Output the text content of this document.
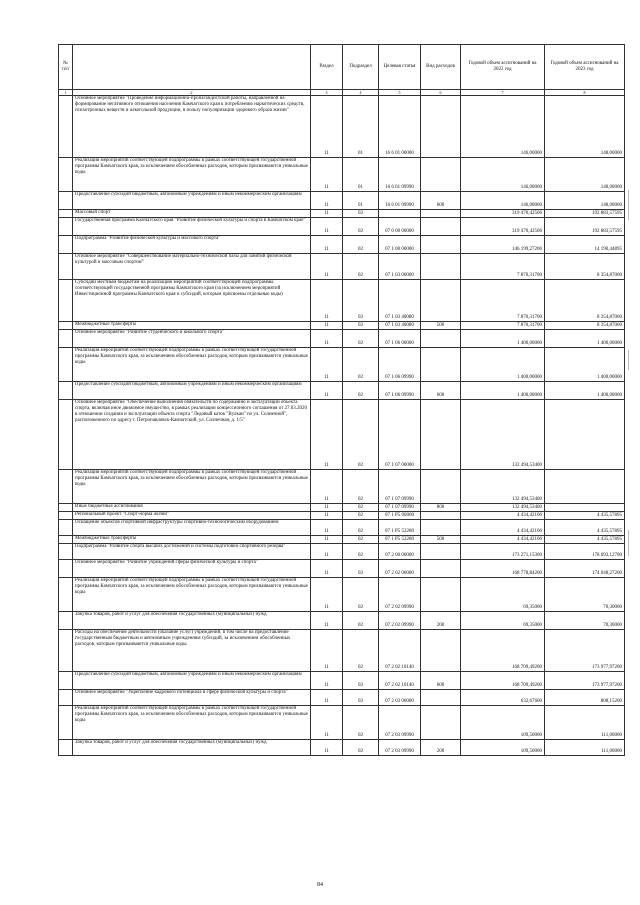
№ п/п		Раздел	Подраздел	Целевая статья	Вид расходов	Годовой объем ассигнований на 2022 год	Годовой объем ассигнований на 2023 год
1	2	3	4	5	6	7	8
	Основное мероприятие "Проведение информационно-пропагандистской работы, направленной на формирование негативного отношения населения Камчатского края к потреблению наркотических средств, психотропных веществ и алкогольной продукции, в пользу популяризации здорового образа жизни"	11	01	16 6 01 00000		146,00000	148,00000
	Реализация мероприятий соответствующей подпрограммы в рамках соответствующей государственной программы Камчатского края, за исключением обособленных расходов, которым присваиваются уникальные коды	11	01	16 6 01 09990		146,00000	148,00000
	Предоставление субсидий бюджетным, автономным учреждениям и иным некоммерческим организациям	11	01	16 6 01 09990	600	146,00000	148,00000
	Массовый спорт	11	02			319 470,42506	192 883,57595
	Государственная программа Камчатского края "Развитие физической культуры и спорта в Камчатском крае"	11	02	07 0 00 00000		319 470,42506	192 883,57595
	Подпрограмма "Развитие физической культуры и массового спорта"	11	02	07 1 00 00000		146 199,27206	14 190,44895
	Основное мероприятие "Совершенствование материально-технической базы для занятий физической культурой и массовым спортом"	11	02	07 1 03 00000		7 870,31700	8 354,87000
	Субсидии местным бюджетам на реализацию мероприятий соответствующей подпрограммы соответствующей государственной программы Камчатского края (за исключением мероприятий Инвестиционной программы Камчатского края и субсидий, которым присвоены отдельные коды)	11	02	07 1 03 40080		7 870,31700	8 354,87000
	Межбюджетные трансферты	11	02	07 1 03 40080	500	7 870,31700	8 354,87000
	Основное мероприятие "Развитие студенческого и школьного спорта"	11	02	07 1 06 00000		1 400,00000	1 400,00000
	Реализация мероприятий соответствующей подпрограммы в рамках соответствующей государственной программы Камчатского края, за исключением обособленных расходов, которым присваиваются уникальные коды	11	02	07 1 06 09990		1 400,00000	1 400,00000
	Предоставление субсидий бюджетным, автономным учреждениям и иным некоммерческим организациям	11	02	07 1 06 09990	600	1 400,00000	1 400,00000
	Основное мероприятие "Обеспечение выполнения обязательств по содержанию и эксплуатации объекта спорта, включая иное движимое имущество, в рамках реализации концессионного соглашения от 27.03.2020 в отношении создания и эксплуатации объекта спорта "Ледовый каток "Вулкан" по ул. Солнечной", расположенного по адресу г. Петропавловск-Камчатский, ул. Солнечная, д. 1/5"	11	02	07 1 07 00000		132 494,53400	
	Реализация мероприятий соответствующей подпрограммы в рамках соответствующей государственной программы Камчатского края, за исключением обособленных расходов, которым присваиваются уникальные коды	11	02	07 1 07 09990		132 494,53400	
	Иные бюджетные ассигнования	11	02	07 1 07 09990	800	132 494,53400	
	Региональный проект "Спорт-норма жизни"	11	02	07 1 P5 00000		4 434,42106	4 435,57895
	Оснащение объектов спортивной инфраструктуры спортивно-технологическим оборудованием	11	02	07 1 P5 52280		4 434,42106	4 435,57895
	Межбюджетные трансферты	11	02	07 1 P5 52280	500	4 434,42106	4 435,57895
	Подпрограмма "Развитие спорта высших достижений и системы подготовки спортивного резерва"	11	02	07 2 00 00000		173 271,15300	178 693,12700
	Основное мероприятие "Развитие учреждений сферы физической культуры и спорта"	11	02	07 2 02 00000		168 778,84200	174 048,27200
	Реализация мероприятий соответствующей подпрограммы в рамках соответствующей государственной программы Камчатского края, за исключением обособленных расходов, которым присваиваются уникальные коды	11	02	07 2 02 09990		69,35000	70,30000
	Закупка товаров, работ и услуг для обеспечения государственных (муниципальных) нужд	11	02	07 2 02 09990	200	69,35000	70,30000
	Расходы на обеспечение деятельности (оказание услуг) учреждений, в том числе на предоставление государственным бюджетным и автономным учреждениям субсидий, за исключением обособленных расходов, которым присваиваются уникальные коды	11	02	07 2 02 10140		168 709,49200	173 977,97200
	Предоставление субсидий бюджетным, автономным учреждениям и иным некоммерческим организациям	11	02	07 2 02 10140	600	168 709,49200	173 977,97200
	Основное мероприятие "Укрепление кадрового потенциала в сфере физической культуры и спорта"	11	02	07 2 03 00000		632,67600	808,15200
	Реализация мероприятий соответствующей подпрограммы в рамках соответствующей государственной программы Камчатского края, за исключением обособленных расходов, которым присваиваются уникальные коды	11	02	07 2 03 09990		109,50000	111,00000
	Закупка товаров, работ и услуг для обеспечения государственных (муниципальных) нужд	11	02	07 2 03 09990	200	109,50000	111,00000
84
